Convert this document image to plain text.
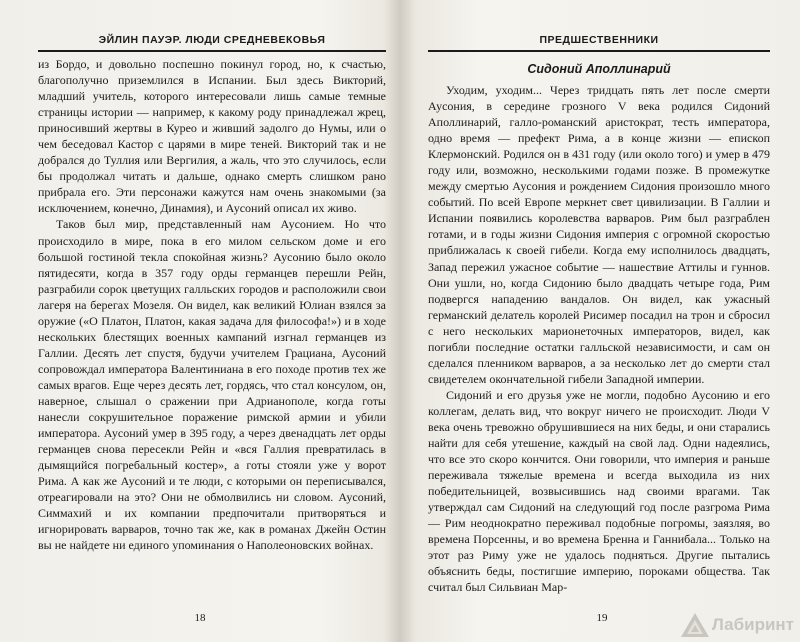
ЭЙЛИН ПАУЭР. ЛЮДИ СРЕДНЕВЕКОВЬЯ

из Бордо, и довольно поспешно покинул город, но, к счастью, благополучно приземлился в Испании. Был здесь Викторий, младший учитель, которого интересовали лишь самые темные страницы истории — например, к какому роду принадлежал жрец, приносивший жертвы в Курео и живший задолго до Нумы, или о чем беседовал Кастор с царями в мире теней. Викторий так и не добрался до Туллия или Вергилия, а жаль, что это случилось, если бы продолжал читать и дальше, однако смерть слишком рано прибрала его. Эти персонажи кажутся нам очень знакомыми (за исключением, конечно, Динамия), и Аусоний описал их живо.

Таков был мир, представленный нам Аусонием. Но что происходило в мире, пока в его милом сельском доме и его большой гостиной текла спокойная жизнь? Аусонию было около пятидесяти, когда в 357 году орды германцев перешли Рейн, разграбили сорок цветущих галльских городов и расположили свои лагеря на берегах Мозеля. Он видел, как великий Юлиан взялся за оружие («О Платон, Платон, какая задача для философа!») и в ходе нескольких блестящих военных кампаний изгнал германцев из Галлии. Десять лет спустя, будучи учителем Грациана, Аусоний сопровождал императора Валентиниана в его походе против тех же самых врагов. Еще через десять лет, гордясь, что стал консулом, он, наверное, слышал о сражении при Адрианополе, когда готы нанесли сокрушительное поражение римской армии и убили императора. Аусоний умер в 395 году, а через двенадцать лет орды германцев снова пересекли Рейн и «вся Галлия превратилась в дымящийся погребальный костер», а готы стояли уже у ворот Рима. А как же Аусоний и те люди, с которыми он переписывался, отреагировали на это? Они не обмолвились ни словом. Аусоний, Симмахий и их компании предпочитали притворяться и игнорировать варваров, точно так же, как в романах Джейн Остин вы не найдете ни единого упоминания о Наполеоновских войнах.

18
ПРЕДШЕСТВЕННИКИ
Сидоний Аполлинарий

Уходим, уходим... Через тридцать пять лет после смерти Аусония, в середине грозного V века родился Сидоний Аполлинарий, галло-романский аристократ, тесть императора, одно время — префект Рима, а в конце жизни — епископ Клермонский. Родился он в 431 году (или около того) и умер в 479 году или, возможно, несколькими годами позже. В промежутке между смертью Аусония и рождением Сидония произошло много событий. По всей Европе меркнет свет цивилизации. В Галлии и Испании появились королевства варваров. Рим был разграблен готами, и в годы жизни Сидония империя с огромной скоростью приближалась к своей гибели. Когда ему исполнилось двадцать, Запад пережил ужасное событие — нашествие Аттилы и гуннов. Они ушли, но, когда Сидонию было двадцать четыре года, Рим подвергся нападению вандалов. Он видел, как ужасный германский делатель королей Рисимер посадил на трон и сбросил с него нескольких марионеточных императоров, видел, как погибли последние остатки галльской независимости, и сам он сделался пленником варваров, а за несколько лет до смерти стал свидетелем окончательной гибели Западной империи.

Сидоний и его друзья уже не могли, подобно Аусонию и его коллегам, делать вид, что вокруг ничего не происходит. Люди V века очень тревожно обрушившиеся на них беды, и они старались найти для себя утешение, каждый на свой лад. Одни надеялись, что все это скоро кончится. Они говорили, что империя и раньше переживала тяжелые времена и всегда выходила из них победительницей, возвысившись над своими врагами. Так утверждал сам Сидоний на следующий год после разгрома Рима — Рим неоднократно переживал подобные погромы, заязляя, во времена Порсенны, и во времена Бренна и Ганнибала... Только на этот раз Риму уже не удалось подняться. Другие пытались объяснить беды, постигшие империю, пороками общества. Так считал был Сильвиан Мар-

19	Лабиринт
